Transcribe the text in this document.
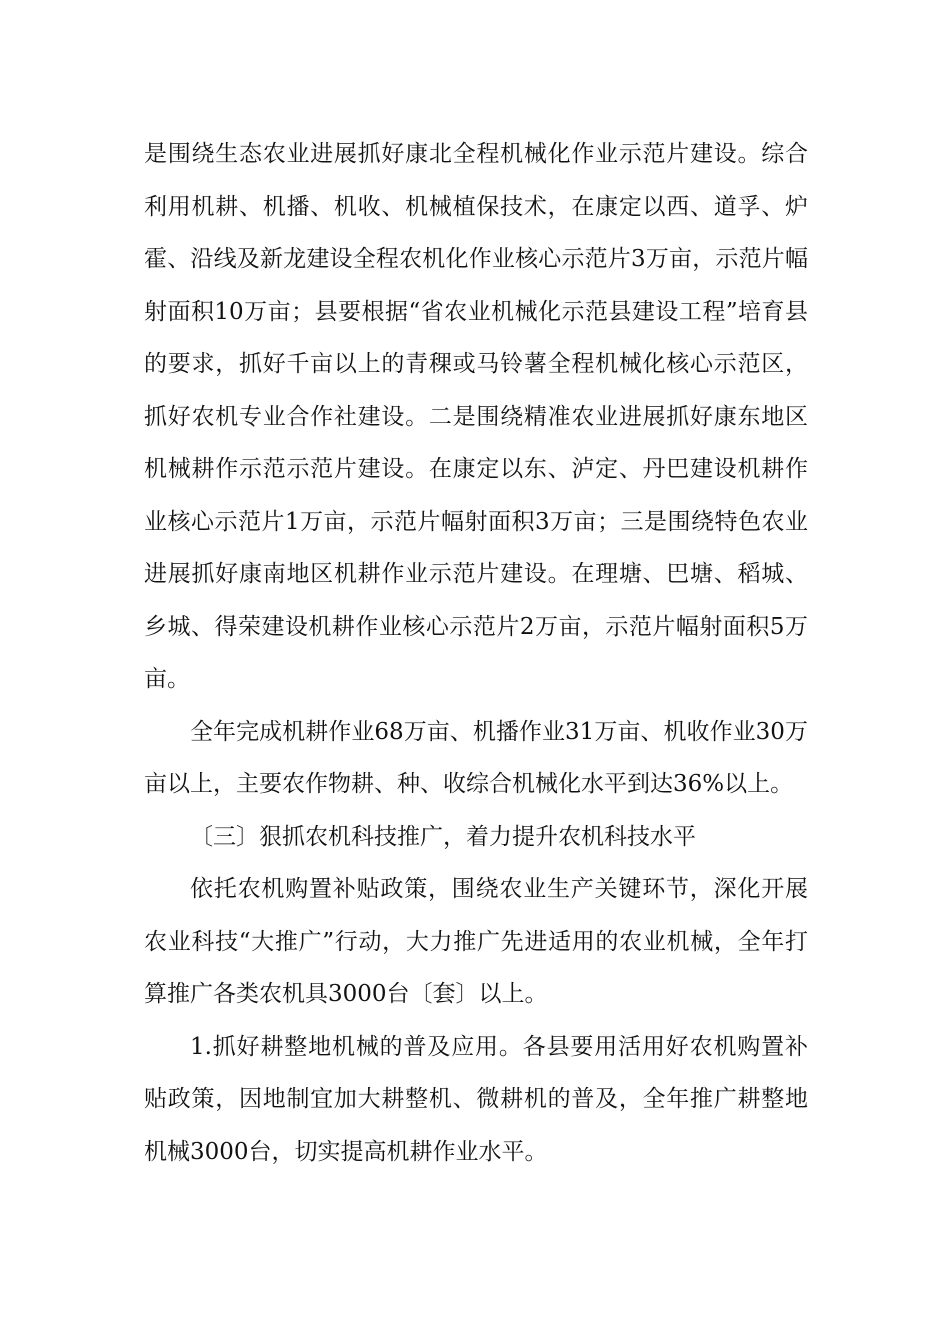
是围绕生态农业进展抓好康北全程机械化作业示范片建设。综合利用机耕、机播、机收、机械植保技术，在康定以西、道孚、炉霍、沿线及新龙建设全程农机化作业核心示范片3万亩，示范片幅射面积10万亩；县要根据“省农业机械化示范县建设工程”培育县的要求，抓好千亩以上的青稞或马铃薯全程机械化核心示范区，抓好农机专业合作社建设。二是围绕精准农业进展抓好康东地区机械耕作示范示范片建设。在康定以东、泸定、丹巴建设机耕作业核心示范片1万亩，示范片幅射面积3万亩；三是围绕特色农业进展抓好康南地区机耕作业示范片建设。在理塘、巴塘、稻城、乡城、得荣建设机耕作业核心示范片2万亩，示范片幅射面积5万亩。

全年完成机耕作业68万亩、机播作业31万亩、机收作业30万亩以上，主要农作物耕、种、收综合机械化水平到达36%以上。

〔三〕狠抓农机科技推广，着力提升农机科技水平

依托农机购置补贴政策，围绕农业生产关键环节，深化开展农业科技“大推广”行动，大力推广先进适用的农业机械，全年打算推广各类农机具3000台〔套〕以上。

1.抓好耕整地机械的普及应用。各县要用活用好农机购置补贴政策，因地制宜加大耕整机、微耕机的普及，全年推广耕整地机械3000台，切实提高机耕作业水平。
